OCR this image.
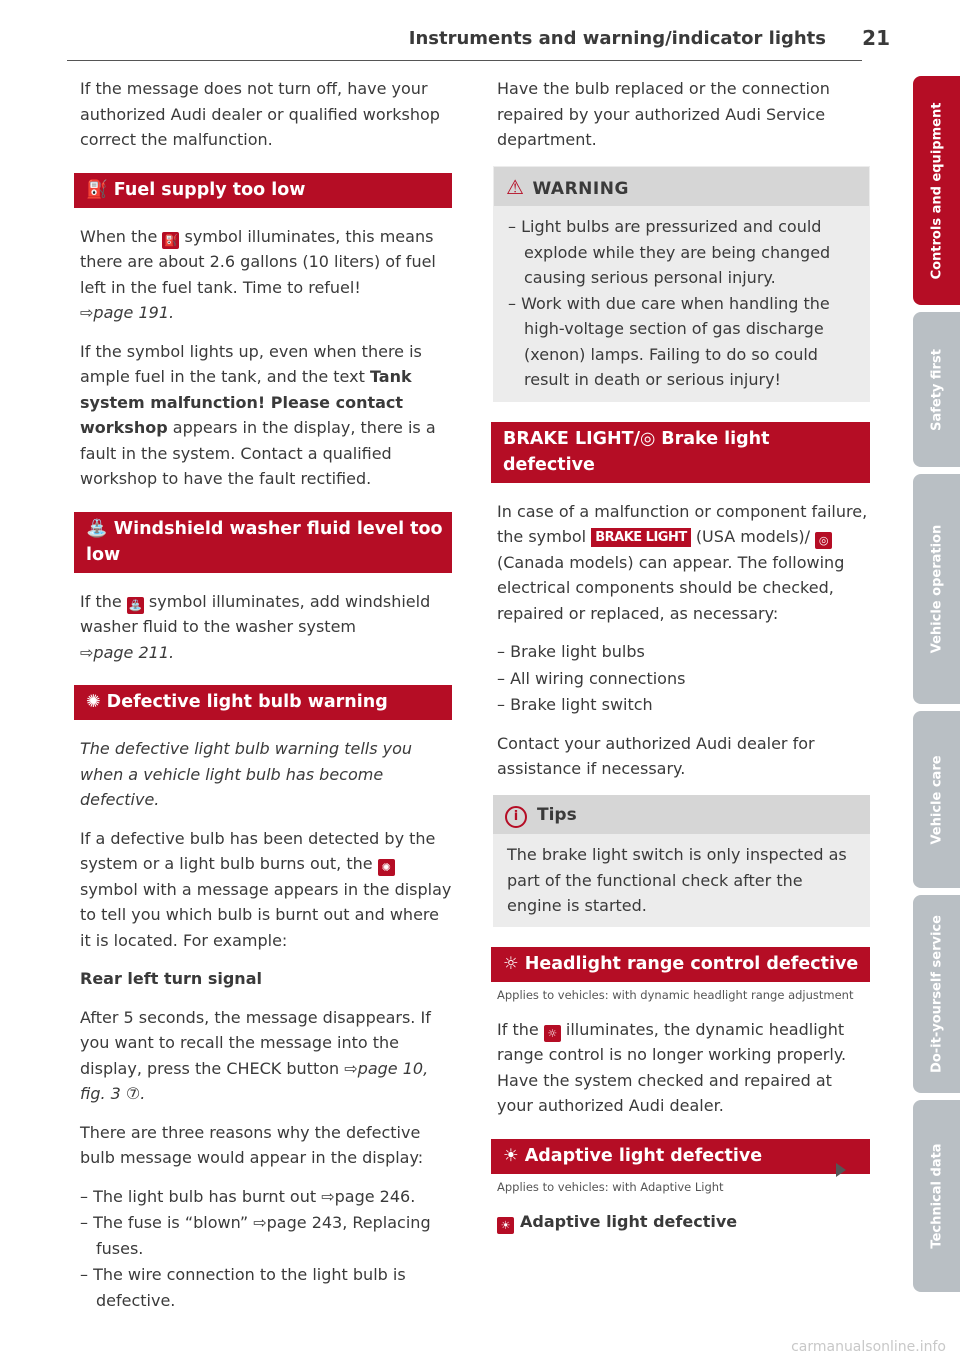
Instruments and warning/indicator lights 21

If the message does not turn off, have your authorized Audi dealer or qualified workshop correct the malfunction.

⛽ Fuel supply too low

When the ⛽ symbol illuminates, this means there are about 2.6 gallons (10 liters) of fuel left in the fuel tank. Time to refuel!
⇨page 191.

If the symbol lights up, even when there is ample fuel in the tank, and the text Tank system malfunction! Please contact workshop appears in the display, there is a fault in the system. Contact a qualified workshop to have the fault rectified.

⛲ Windshield washer fluid level too low

If the ⛲ symbol illuminates, add windshield washer fluid to the washer system
⇨page 211.

✺ Defective light bulb warning

The defective light bulb warning tells you when a vehicle light bulb has become defective.

If a defective bulb has been detected by the system or a light bulb burns out, the ✺ symbol with a message appears in the display to tell you which bulb is burnt out and where it is located. For example:

Rear left turn signal

After 5 seconds, the message disappears. If you want to recall the message into the display, press the CHECK button ⇨page 10, fig. 3 ⑦.

There are three reasons why the defective bulb message would appear in the display:

– The light bulb has burnt out ⇨page 246.
– The fuse is “blown” ⇨page 243, Replacing fuses.
– The wire connection to the light bulb is defective.

Have the bulb replaced or the connection repaired by your authorized Audi Service department.

⚠ WARNING
– Light bulbs are pressurized and could explode while they are being changed causing serious personal injury.
– Work with due care when handling the high-voltage section of gas discharge (xenon) lamps. Failing to do so could result in death or serious injury!
BRAKE LIGHT/◎ Brake light defective

In case of a malfunction or component failure, the symbol BRAKE LIGHT (USA models)/ ◎ (Canada models) can appear. The following electrical components should be checked, repaired or replaced, as necessary:

– Brake light bulbs
– All wiring connections
– Brake light switch

Contact your authorized Audi dealer for assistance if necessary.

i Tips

The brake light switch is only inspected as part of the functional check after the engine is started.

☼ Headlight range control defective

Applies to vehicles: with dynamic headlight range adjustment

If the ☼ illuminates, the dynamic headlight range control is no longer working properly. Have the system checked and repaired at your authorized Audi dealer.

☀ Adaptive light defective

Applies to vehicles: with Adaptive Light

☀ Adaptive light defective

Controls and equipment
Safety first
Vehicle operation
Vehicle care
Do-it-yourself service
Technical data
carmanualsonline.info
